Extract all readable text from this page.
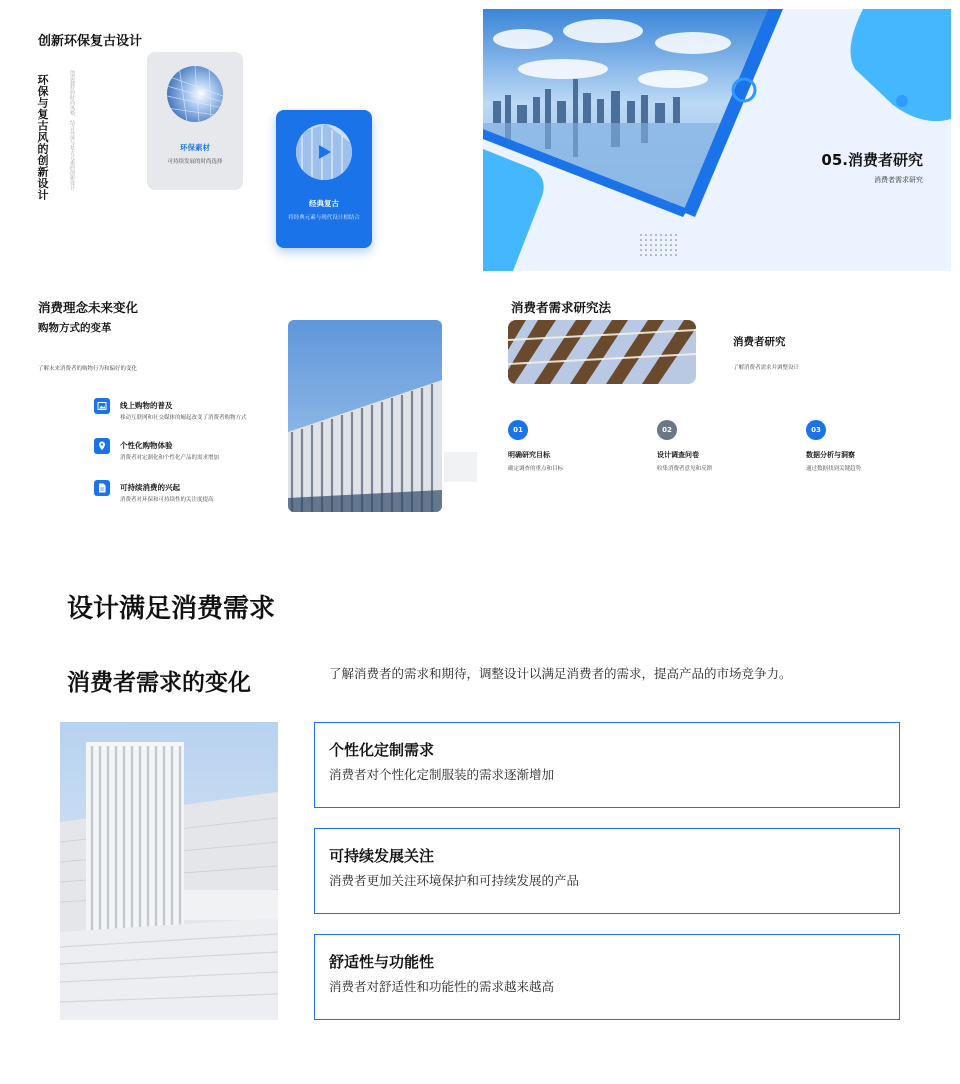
创新环保复古设计
环保与复古风的创新设计	创造独特的时尚风格，结合环保与复古元素的创新设计	环保素材
可持续发展的时尚选择
经典复古
将经典元素与现代设计相结合
05.消费者研究
消费者需求研究
消费理念未来变化
购物方式的变革
了解未来消费者的购物行为和偏好的变化
线上购物的普及
移动互联网和社交媒体的崛起改变了消费者购物方式
个性化购物体验
消费者对定制化和个性化产品的需求增加
可持续消费的兴起
消费者对环保和可持续性的关注度提高
消费者需求研究法
消费者研究
了解消费者需求并调整设计
01
明确研究目标
确定调查的重点和目标
02
设计调查问卷
收集消费者意见和反馈
03
数据分析与洞察
通过数据找到关键趋势
设计满足消费需求
消费者需求的变化	了解消费者的需求和期待，调整设计以满足消费者的需求，提高产品的市场竞争力。
个性化定制需求
消费者对个性化定制服装的需求逐渐增加
可持续发展关注
消费者更加关注环境保护和可持续发展的产品
舒适性与功能性
消费者对舒适性和功能性的需求越来越高
